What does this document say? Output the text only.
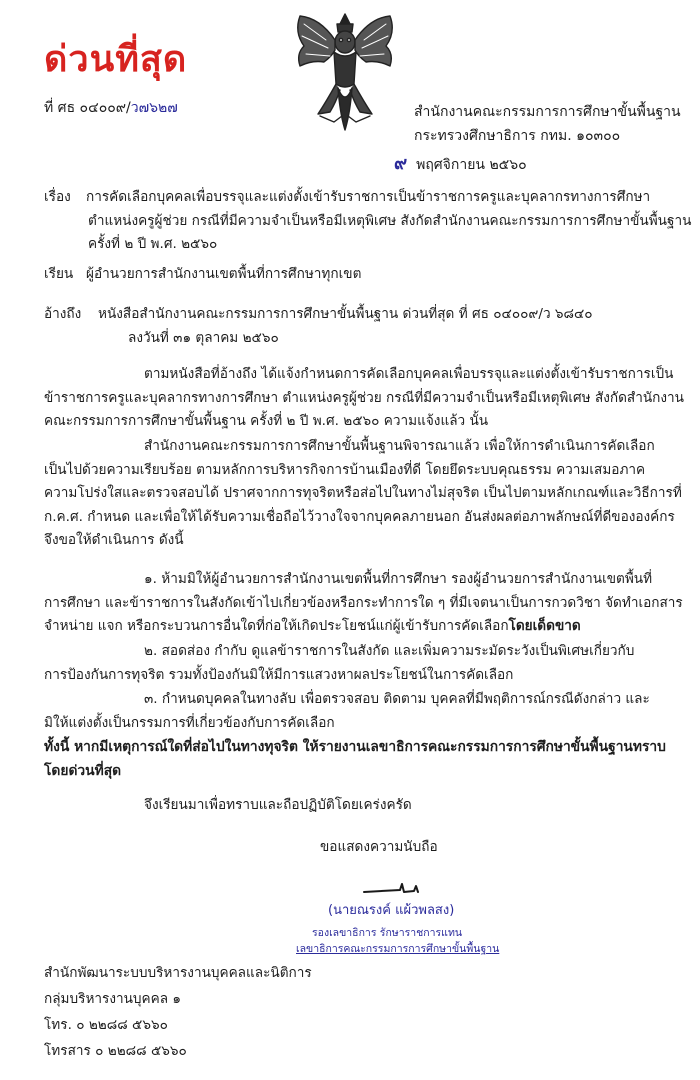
ด่วนที่สุด
ที่ ศธ ๐๔๐๐๙/ว๗๖๒๗	สำนักงานคณะกรรมการการศึกษาขั้นพื้นฐาน
กระทรวงศึกษาธิการ กทม. ๑๐๓๐๐
๙ พฤศจิกายน ๒๕๖๐
เรื่อง การคัดเลือกบุคคลเพื่อบรรจุและแต่งตั้งเข้ารับราชการเป็นข้าราชการครูและบุคลากรทางการศึกษา
ตำแหน่งครูผู้ช่วย กรณีที่มีความจำเป็นหรือมีเหตุพิเศษ สังกัดสำนักงานคณะกรรมการการศึกษาขั้นพื้นฐาน
ครั้งที่ ๒ ปี พ.ศ. ๒๕๖๐
เรียน ผู้อำนวยการสำนักงานเขตพื้นที่การศึกษาทุกเขต
อ้างถึง หนังสือสำนักงานคณะกรรมการการศึกษาขั้นพื้นฐาน ด่วนที่สุด ที่ ศธ ๐๔๐๐๙/ว ๖๘๔๐
ลงวันที่ ๓๑ ตุลาคม ๒๕๖๐
ตามหนังสือที่อ้างถึง ได้แจ้งกำหนดการคัดเลือกบุคคลเพื่อบรรจุและแต่งตั้งเข้ารับราชการเป็น
ข้าราชการครูและบุคลากรทางการศึกษา ตำแหน่งครูผู้ช่วย กรณีที่มีความจำเป็นหรือมีเหตุพิเศษ สังกัดสำนักงาน
คณะกรรมการการศึกษาขั้นพื้นฐาน ครั้งที่ ๒ ปี พ.ศ. ๒๕๖๐ ความแจ้งแล้ว นั้น
สำนักงานคณะกรรมการการศึกษาขั้นพื้นฐานพิจารณาแล้ว เพื่อให้การดำเนินการคัดเลือก
เป็นไปด้วยความเรียบร้อย ตามหลักการบริหารกิจการบ้านเมืองที่ดี โดยยึดระบบคุณธรรม ความเสมอภาค
ความโปร่งใสและตรวจสอบได้ ปราศจากการทุจริตหรือส่อไปในทางไม่สุจริต เป็นไปตามหลักเกณฑ์และวิธีการที่
ก.ค.ศ. กำหนด และเพื่อให้ได้รับความเชื่อถือไว้วางใจจากบุคคลภายนอก อันส่งผลต่อภาพลักษณ์ที่ดีขององค์กร
จึงขอให้ดำเนินการ ดังนี้
๑. ห้ามมิให้ผู้อำนวยการสำนักงานเขตพื้นที่การศึกษา รองผู้อำนวยการสำนักงานเขตพื้นที่
การศึกษา และข้าราชการในสังกัดเข้าไปเกี่ยวข้องหรือกระทำการใด ๆ ที่มีเจตนาเป็นการกวดวิชา จัดทำเอกสาร
จำหน่าย แจก หรือกระบวนการอื่นใดที่ก่อให้เกิดประโยชน์แก่ผู้เข้ารับการคัดเลือกโดยเด็ดขาด
๒. สอดส่อง กำกับ ดูแลข้าราชการในสังกัด และเพิ่มความระมัดระวังเป็นพิเศษเกี่ยวกับ
การป้องกันการทุจริต รวมทั้งป้องกันมิให้มีการแสวงหาผลประโยชน์ในการคัดเลือก
๓. กำหนดบุคคลในทางลับ เพื่อตรวจสอบ ติดตาม บุคคลที่มีพฤติการณ์กรณีดังกล่าว และ
มิให้แต่งตั้งเป็นกรรมการที่เกี่ยวข้องกับการคัดเลือก
ทั้งนี้ หากมีเหตุการณ์ใดที่ส่อไปในทางทุจริต ให้รายงานเลขาธิการคณะกรรมการการศึกษาขั้นพื้นฐานทราบ
โดยด่วนที่สุด
จึงเรียนมาเพื่อทราบและถือปฏิบัติโดยเคร่งครัด
ขอแสดงความนับถือ
(นายณรงค์ แผ้วพลสง)
รองเลขาธิการ รักษาราชการแทน
เลขาธิการคณะกรรมการการศึกษาขั้นพื้นฐาน
สำนักพัฒนาระบบบริหารงานบุคคลและนิติการ
กลุ่มบริหารงานบุคคล ๑
โทร. ๐ ๒๒๘๘ ๕๖๖๐
โทรสาร ๐ ๒๒๘๘ ๕๖๖๐
